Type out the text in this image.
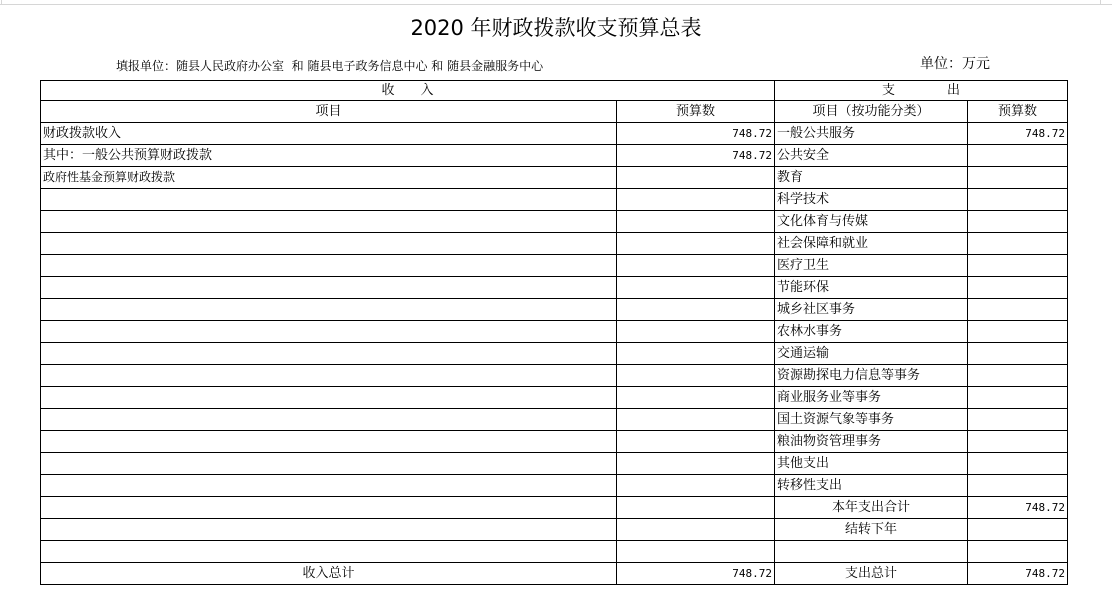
2020 年财政拨款收支预算总表
填报单位：随县人民政府办公室  和 随县电子政务信息中心 和 随县金融服务中心	单位：万元
收　　入		支　　　　出	
项目	预算数	项目（按功能分类）	预算数
财政拨款收入	748.72	一般公共服务	748.72
其中：一般公共预算财政拨款	748.72	公共安全	
政府性基金预算财政拨款		教育	
		科学技术	
		文化体育与传媒	
		社会保障和就业	
		医疗卫生	
		节能环保	
		城乡社区事务	
		农林水事务	
		交通运输	
		资源勘探电力信息等事务	
		商业服务业等事务	
		国土资源气象等事务	
		粮油物资管理事务	
		其他支出	
		转移性支出	
		本年支出合计	748.72
		结转下年	

收入总计	748.72	支出总计	748.72
